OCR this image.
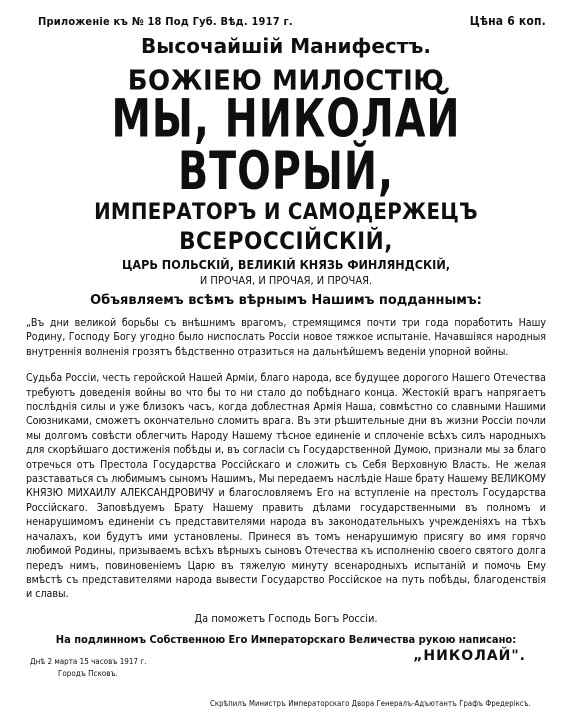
Приложенiе къ № 18 Под Губ. Вѣд. 1917 г.	Цѣна 6 коп.
Высочайшiй Манифестъ.
БОЖIЕЮ МИЛОСТIЮ
МЫ, НИКОЛАЙ ВТОРЫЙ,
ИМПЕРАТОРЪ И САМОДЕРЖЕЦЪ
ВСЕРОССIЙСКIЙ,
ЦАРЬ ПОЛЬСКIЙ, ВЕЛИКIЙ КНЯЗЬ ФИНЛЯНДСКIЙ,
И ПРОЧАЯ, И ПРОЧАЯ, И ПРОЧАЯ.
Объявляемъ всѣмъ вѣрнымъ Нашимъ подданнымъ:
„Въ дни великой борьбы съ внѣшнимъ врагомъ, стремящимся почти три года поработить Нашу Родину, Господу Богу угодно было ниспослать Россiи новое тяжкое испытанiе. Начавшiяся народныя внутреннiя волненiя грозятъ бѣдственно отразиться на дальнѣйшемъ веденiи упорной войны.
Судьба Россiи, честь геройской Нашей Армiи, благо народа, все будущее дорогого Нашего Отечества требуютъ доведенiя войны во что бы то ни стало до побѣднаго конца. Жестокiй врагъ напрягаетъ послѣднiя силы и уже близокъ часъ, когда доблестная Армiя Наша, совмѣстно со славными Нашими Союзниками, сможетъ окончательно сломить врага. Въ эти рѣшительные дни въ жизни Россiи почли мы долгомъ совѣсти облегчить Народу Нашему тѣсное единенiе и сплоченiе всѣхъ силъ народныхъ для скорѣйшаго достиженiя побѣды и, въ согласiи съ Государственной Думою, признали мы за благо отречься отъ Престола Государства Россiйскаго и сложить съ Себя Верховную Власть. Не желая разставаться съ любимымъ сыномъ Нашимъ, Мы передаемъ наслѣдiе Наше брату Нашему ВЕЛИКОМУ КНЯЗЮ МИХАИЛУ АЛЕКСАНДРОВИЧУ и благословляемъ Его на вступленiе на престолъ Государства Россiйскаго. Заповѣдуемъ Брату Нашему править дѣлами государственными въ полномъ и ненарушимомъ единенiи съ представителями народа въ законодательныхъ учрежденiяхъ на тѣхъ началахъ, кои будутъ ими установлены. Принеся въ томъ ненарушимую присягу во имя горячо любимой Родины, призываемъ всѣхъ вѣрныхъ сыновъ Отечества къ исполненiю своего святого долга передъ нимъ, повиновенiемъ Царю въ тяжелую минуту всенародныхъ испытанiй и помочь Ему вмѣстѣ съ представителями народа вывести Государство Россiйское на путь побѣды, благоденствiя и славы.
Да поможетъ Господь Богъ Россiи.
На подлинномъ Собственною Его Императорскаго Величества рукою написано:
Днѣ 2 марта 15 часовъ 1917 г.
Городъ Псковъ.
„НИКОЛАЙ".
Скрѣпилъ Министръ Императорскаго Двора Генералъ-Адъютантъ Графъ Фредерiксъ.
